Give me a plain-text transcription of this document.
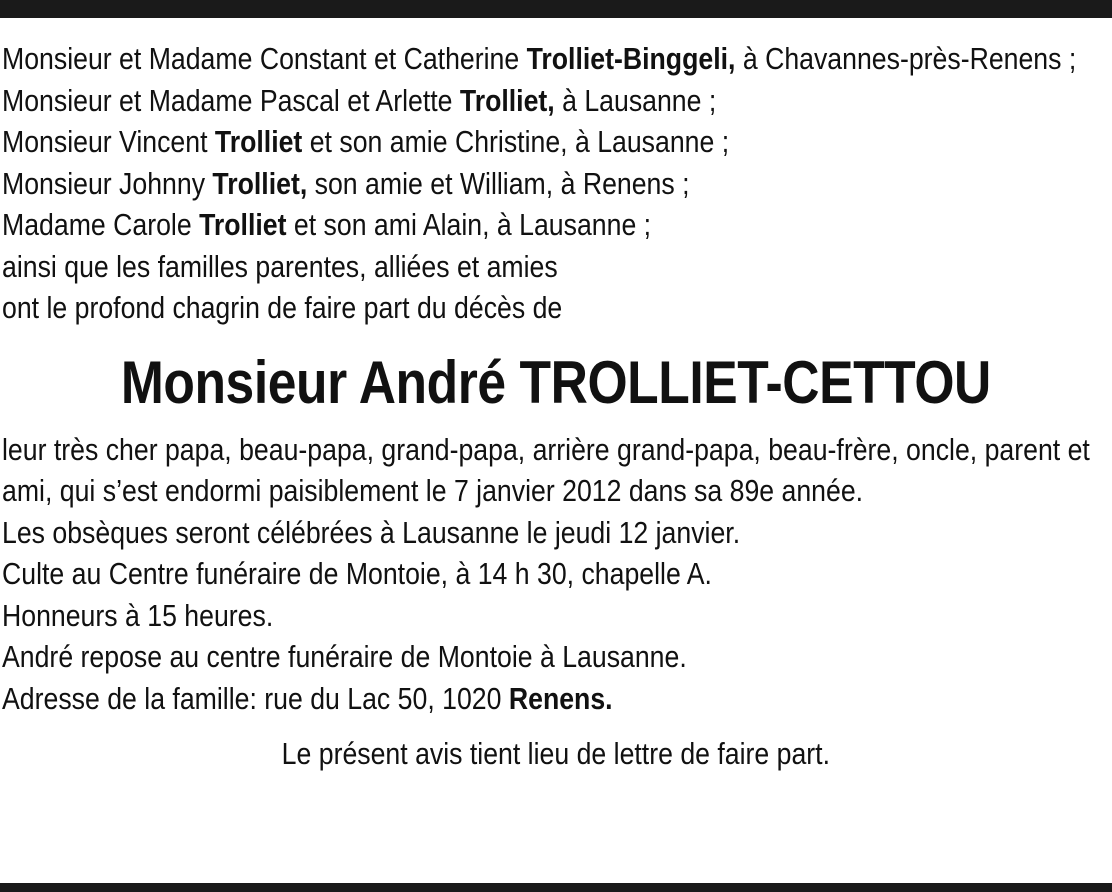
Monsieur et Madame Constant et Catherine Trolliet-Binggeli, à Chavannes-près-Renens ;
Monsieur et Madame Pascal et Arlette Trolliet, à Lausanne ;
Monsieur Vincent Trolliet et son amie Christine, à Lausanne ;
Monsieur Johnny Trolliet, son amie et William, à Renens ;
Madame Carole Trolliet et son ami Alain, à Lausanne ;
ainsi que les familles parentes, alliées et amies
ont le profond chagrin de faire part du décès de
Monsieur André TROLLIET-CETTOU
leur très cher papa, beau-papa, grand-papa, arrière grand-papa, beau-frère, oncle, parent et ami, qui s’est endormi paisiblement le 7 janvier 2012 dans sa 89e année.
Les obsèques seront célébrées à Lausanne le jeudi 12 janvier.
Culte au Centre funéraire de Montoie, à 14 h 30, chapelle A.
Honneurs à 15 heures.
André repose au centre funéraire de Montoie à Lausanne.
Adresse de la famille: rue du Lac 50, 1020 Renens.
Le présent avis tient lieu de lettre de faire part.
